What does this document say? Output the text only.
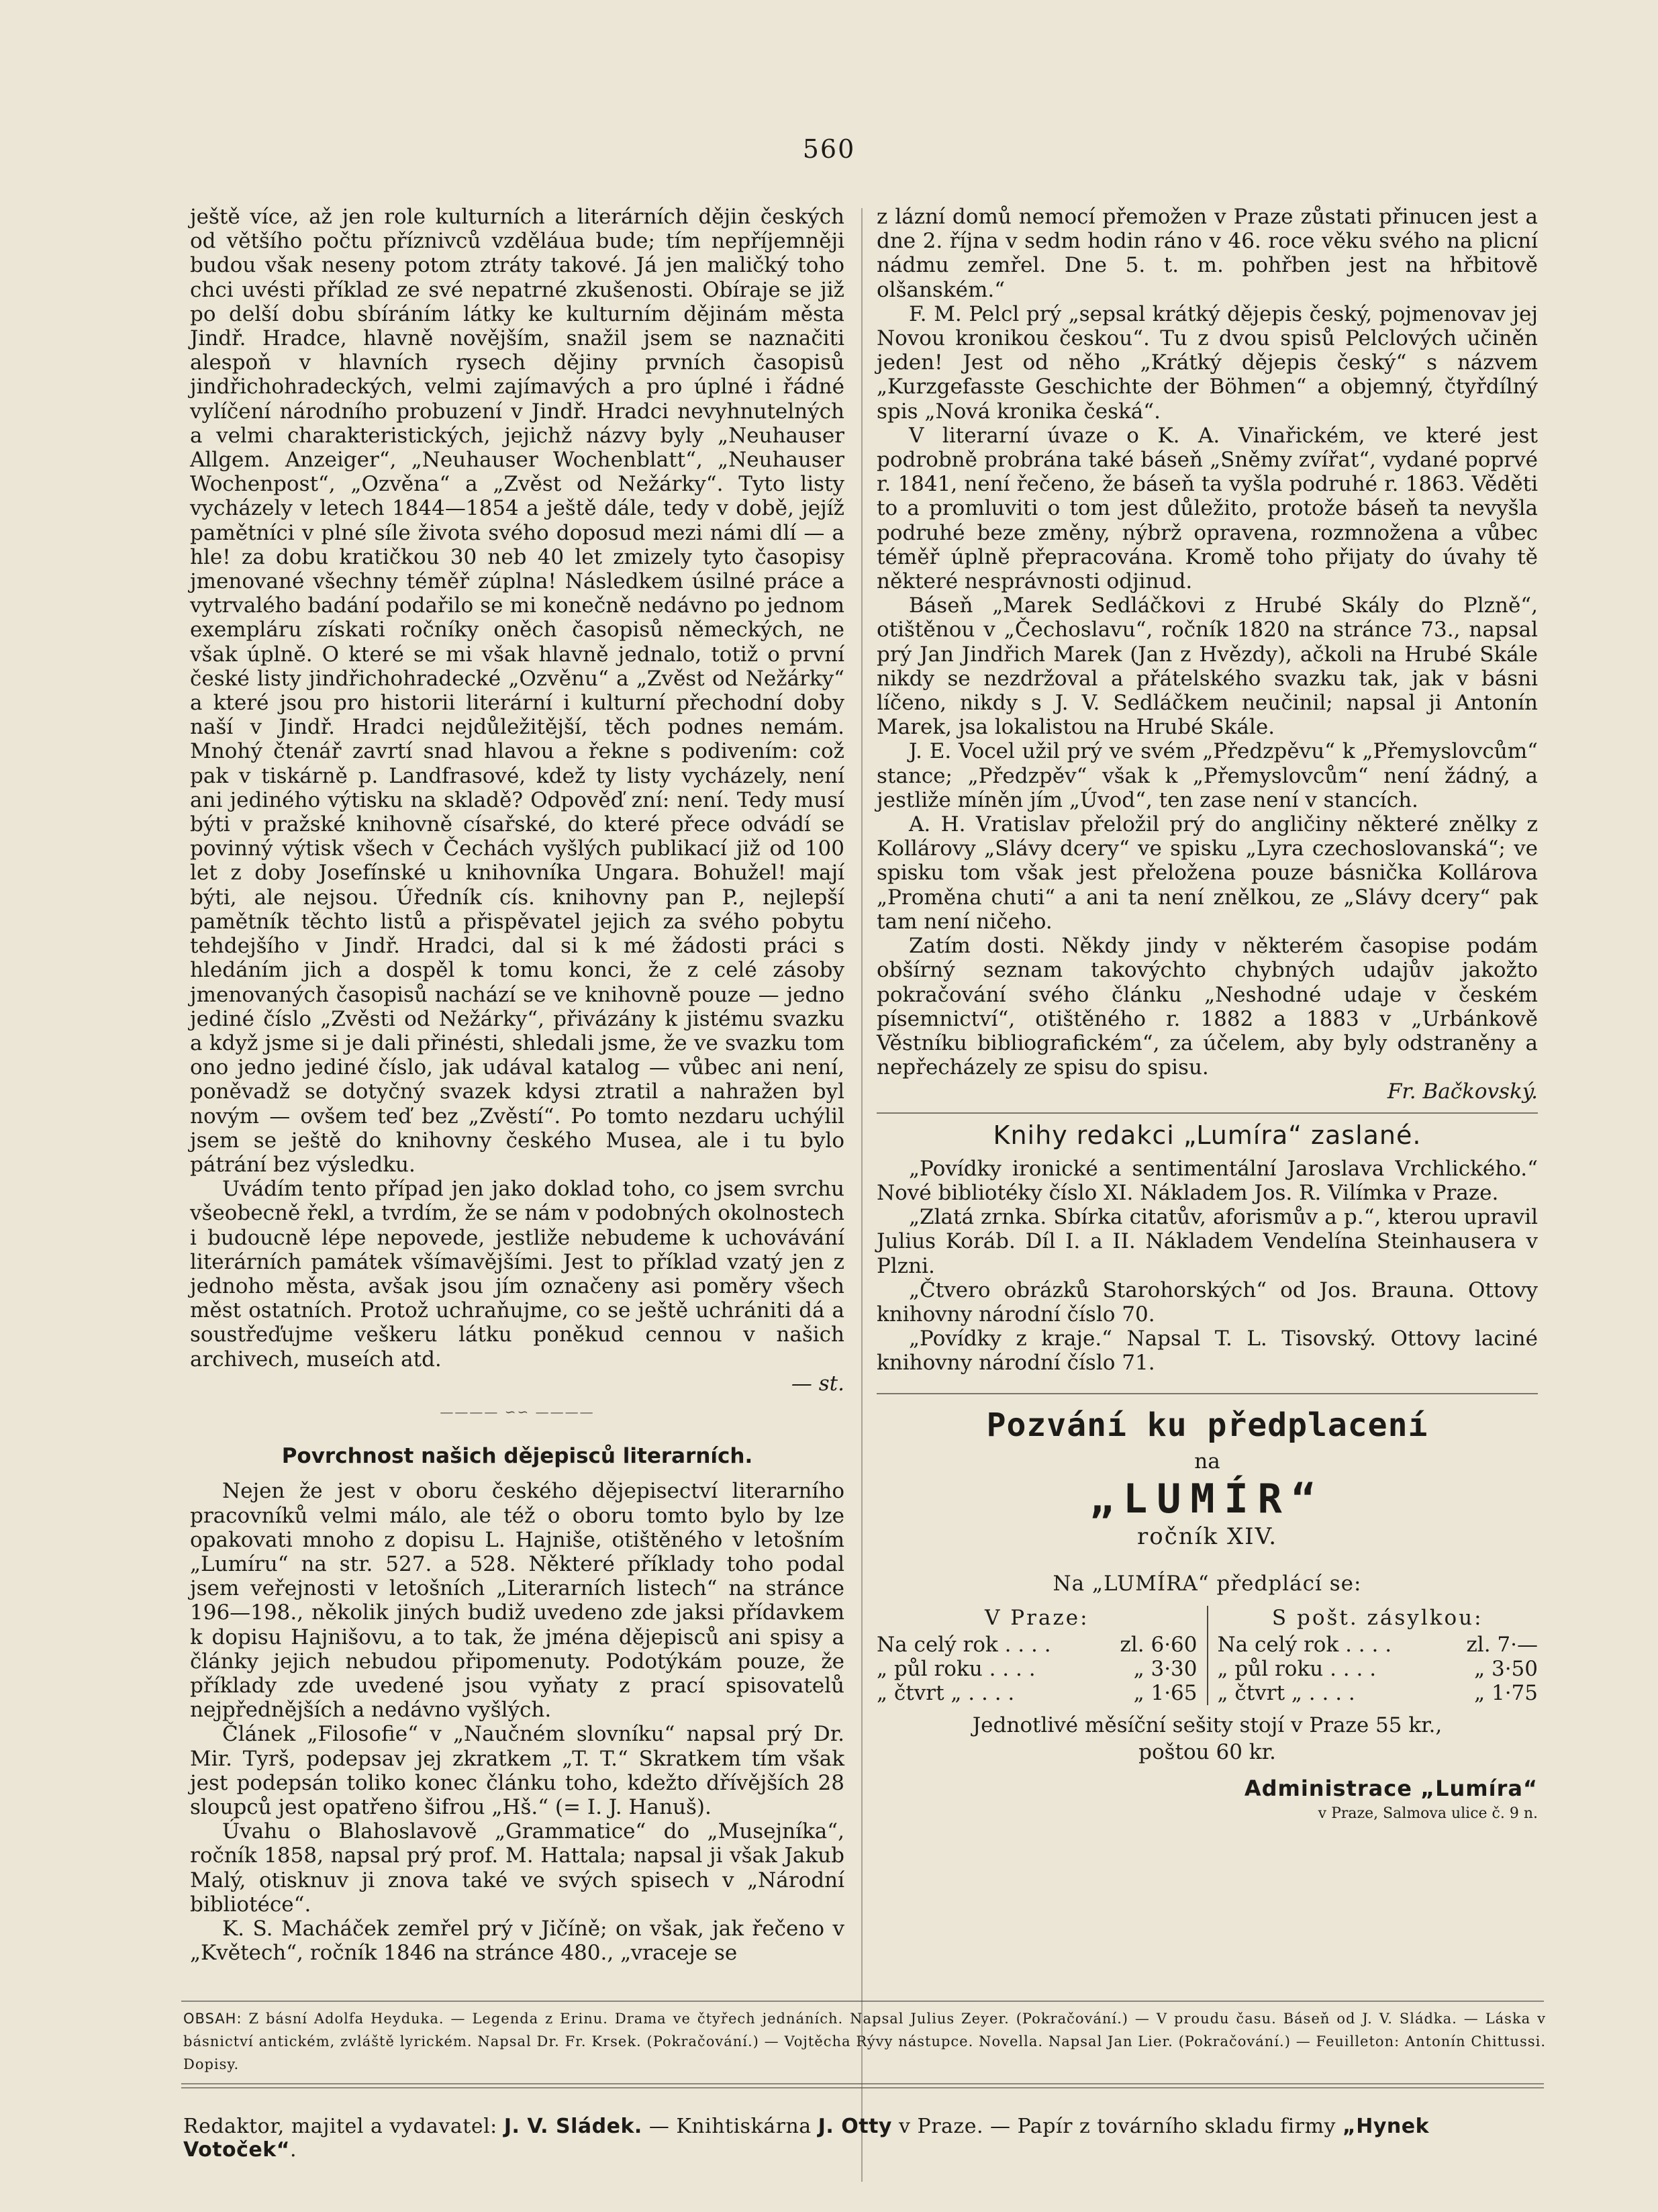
560

ještě více, až jen role kulturních a literárních dějin českých od většího počtu příznivců vzděláua bude; tím nepříjemněji budou však neseny potom ztráty takové. Já jen maličký toho chci uvésti příklad ze své nepatrné zkušenosti. Obíraje se již po delší dobu sbíráním látky ke kulturním dějinám města Jindř. Hradce, hlavně novějším, snažil jsem se naznačiti alespoň v hlavních rysech dějiny prvních časopisů jindřichohradeckých, velmi zajímavých a pro úplné i řádné vylíčení národního probuzení v Jindř. Hradci nevyhnutelných a velmi charakteristických, jejichž názvy byly „Neuhauser Allgem. Anzeiger“, „Neuhauser Wochenblatt“, „Neuhauser Wochenpost“, „Ozvěna“ a „Zvěst od Nežárky“. Tyto listy vycházely v letech 1844—1854 a ještě dále, tedy v době, jejíž pamětníci v plné síle života svého doposud mezi námi dlí — a hle! za dobu kratičkou 30 neb 40 let zmizely tyto časopisy jmenované všechny téměř zúplna! Následkem úsilné práce a vytrvalého badání podařilo se mi konečně nedávno po jednom exempláru získati ročníky oněch časopisů německých, ne však úplně. O které se mi však hlavně jednalo, totiž o první české listy jindřichohradecké „Ozvěnu“ a „Zvěst od Nežárky“ a které jsou pro historii literární i kulturní přechodní doby naší v Jindř. Hradci nejdůležitější, těch podnes nemám. Mnohý čtenář zavrtí snad hlavou a řekne s podivením: což pak v tiskárně p. Landfrasové, kdež ty listy vycházely, není ani jediného výtisku na skladě? Odpověď zní: není. Tedy musí býti v pražské knihovně císařské, do které přece odvádí se povinný výtisk všech v Čechách vyšlých publikací již od 100 let z doby Josefínské u knihovníka Ungara. Bohužel! mají býti, ale nejsou. Úředník cís. knihovny pan P., nejlepší pamětník těchto listů a přispěvatel jejich za svého pobytu tehdejšího v Jindř. Hradci, dal si k mé žádosti práci s hledáním jich a dospěl k tomu konci, že z celé zásoby jmenovaných časopisů nachází se ve knihovně pouze — jedno jediné číslo „Zvěsti od Nežárky“, přivázány k jistému svazku a když jsme si je dali přinésti, shledali jsme, že ve svazku tom ono jedno jediné číslo, jak udával katalog — vůbec ani není, poněvadž se dotyčný svazek kdysi ztratil a nahražen byl novým — ovšem teď bez „Zvěstí“. Po tomto nezdaru uchýlil jsem se ještě do knihovny českého Musea, ale i tu bylo pátrání bez výsledku.

Uvádím tento případ jen jako doklad toho, co jsem svrchu všeobecně řekl, a tvrdím, že se nám v podobných okolnostech i budoucně lépe nepovede, jestliže nebudeme k uchovávání literárních památek všímavějšími. Jest to příklad vzatý jen z jednoho města, avšak jsou jím označeny asi poměry všech měst ostatních. Protož uchraňujme, co se ještě uchrániti dá a soustřeďujme veškeru látku poněkud cennou v našich archivech, museích atd.

— st.

———— ∽∽ ————
Povrchnost našich dějepisců literarních.

Nejen že jest v oboru českého dějepisectví literarního pracovníků velmi málo, ale též o oboru tomto bylo by lze opakovati mnoho z dopisu L. Hajniše, otištěného v letošním „Lumíru“ na str. 527. a 528. Některé příklady toho podal jsem veřejnosti v letošních „Literarních listech“ na stránce 196—198., několik jiných budiž uvedeno zde jaksi přídavkem k dopisu Hajnišovu, a to tak, že jména dějepisců ani spisy a články jejich nebudou připomenuty. Podotýkám pouze, že příklady zde uvedené jsou vyňaty z prací spisovatelů nejpřednějších a nedávno vyšlých.

Článek „Filosofie“ v „Naučném slovníku“ napsal prý Dr. Mir. Tyrš, podepsav jej zkratkem „T. T.“ Skratkem tím však jest podepsán toliko konec článku toho, kdežto dřívějších 28 sloupců jest opatřeno šifrou „Hš.“ (= I. J. Hanuš).

Úvahu o Blahoslavově „Grammatice“ do „Musejníka“, ročník 1858, napsal prý prof. M. Hattala; napsal ji však Jakub Malý, otisknuv ji znova také ve svých spisech v „Národní bibliotéce“.

K. S. Macháček zemřel prý v Jičíně; on však, jak řečeno v „Květech“, ročník 1846 na stránce 480., „vraceje se

z lázní domů nemocí přemožen v Praze zůstati přinucen jest a dne 2. října v sedm hodin ráno v 46. roce věku svého na plicní nádmu zemřel. Dne 5. t. m. pohřben jest na hřbitově olšanském.“

F. M. Pelcl prý „sepsal krátký dějepis český, pojmenovav jej Novou kronikou českou“. Tu z dvou spisů Pelclových učiněn jeden! Jest od něho „Krátký dějepis český“ s názvem „Kurzgefasste Geschichte der Böhmen“ a objemný, čtyřdílný spis „Nová kronika česká“.

V literarní úvaze o K. A. Vinařickém, ve které jest podrobně probrána také báseň „Sněmy zvířat“, vydané poprvé r. 1841, není řečeno, že báseň ta vyšla podruhé r. 1863. Věděti to a promluviti o tom jest důležito, protože báseň ta nevyšla podruhé beze změny, nýbrž opravena, rozmnožena a vůbec téměř úplně přepracována. Kromě toho přijaty do úvahy tě některé nesprávnosti odjinud.

Báseň „Marek Sedláčkovi z Hrubé Skály do Plzně“, otištěnou v „Čechoslavu“, ročník 1820 na stránce 73., napsal prý Jan Jindřich Marek (Jan z Hvězdy), ačkoli na Hrubé Skále nikdy se nezdržoval a přátelského svazku tak, jak v básni líčeno, nikdy s J. V. Sedláčkem neučinil; napsal ji Antonín Marek, jsa lokalistou na Hrubé Skále.

J. E. Vocel užil prý ve svém „Předzpěvu“ k „Přemyslovcům“ stance; „Předzpěv“ však k „Přemyslovcům“ není žádný, a jestliže míněn jím „Úvod“, ten zase není v stancích.

A. H. Vratislav přeložil prý do angličiny některé znělky z Kollárovy „Slávy dcery“ ve spisku „Lyra czechoslovanská“; ve spisku tom však jest přeložena pouze básnička Kollárova „Proměna chuti“ a ani ta není znělkou, ze „Slávy dcery“ pak tam není ničeho.

Zatím dosti. Někdy jindy v některém časopise podám obšírný seznam takovýchto chybných udajův jakožto pokračování svého článku „Neshodné udaje v českém písemnictví“, otištěného r. 1882 a 1883 v „Urbánkově Věstníku bibliografickém“, za účelem, aby byly odstraněny a nepřecházely ze spisu do spisu.

Fr. Bačkovský.

Knihy redakci „Lumíra“ zaslané.

„Povídky ironické a sentimentální Jaroslava Vrchlického.“ Nové bibliotéky číslo XI. Nákladem Jos. R. Vilímka v Praze.

„Zlatá zrnka. Sbírka citatův, aforismův a p.“, kterou upravil Julius Koráb. Díl I. a II. Nákladem Vendelína Steinhausera v Plzni.

„Čtvero obrázků Starohorských“ od Jos. Brauna. Ottovy knihovny národní číslo 70.

„Povídky z kraje.“ Napsal T. L. Tisovský. Ottovy laciné knihovny národní číslo 71.

Pozvání ku předplacení
na
„LUMÍR“
ročník XIV.
Na „LUMÍRA“ předplácí se:
V Praze:
Na celý rok . . . .	zl. 6·60
„ půl roku . . . .	„ 3·30
„ čtvrt „ . . . .	„ 1·65
S pošt. zásylkou:
Na celý rok . . . .	zl. 7·—
„ půl roku . . . .	„ 3·50
„ čtvrt „ . . . .	„ 1·75
Jednotlivé měsíční sešity stojí v Praze 55 kr.,
poštou 60 kr.
Administrace „Lumíra“
v Praze, Salmova ulice č. 9 n.
OBSAH: Z básní Adolfa Heyduka. — Legenda z Erinu. Drama ve čtyřech jednáních. Napsal Julius Zeyer. (Pokračování.) — V proudu času. Báseň od J. V. Sládka. — Láska v básnictví antickém, zvláště lyrickém. Napsal Dr. Fr. Krsek. (Pokračování.) — Vojtěcha Rývy nástupce. Novella. Napsal Jan Lier. (Pokračování.) — Feuilleton: Antonín Chittussi. Dopisy.
Redaktor, majitel a vydavatel: J. V. Sládek. — Knihtiskárna J. Otty v Praze. — Papír z továrního skladu firmy „Hynek Votoček“.
